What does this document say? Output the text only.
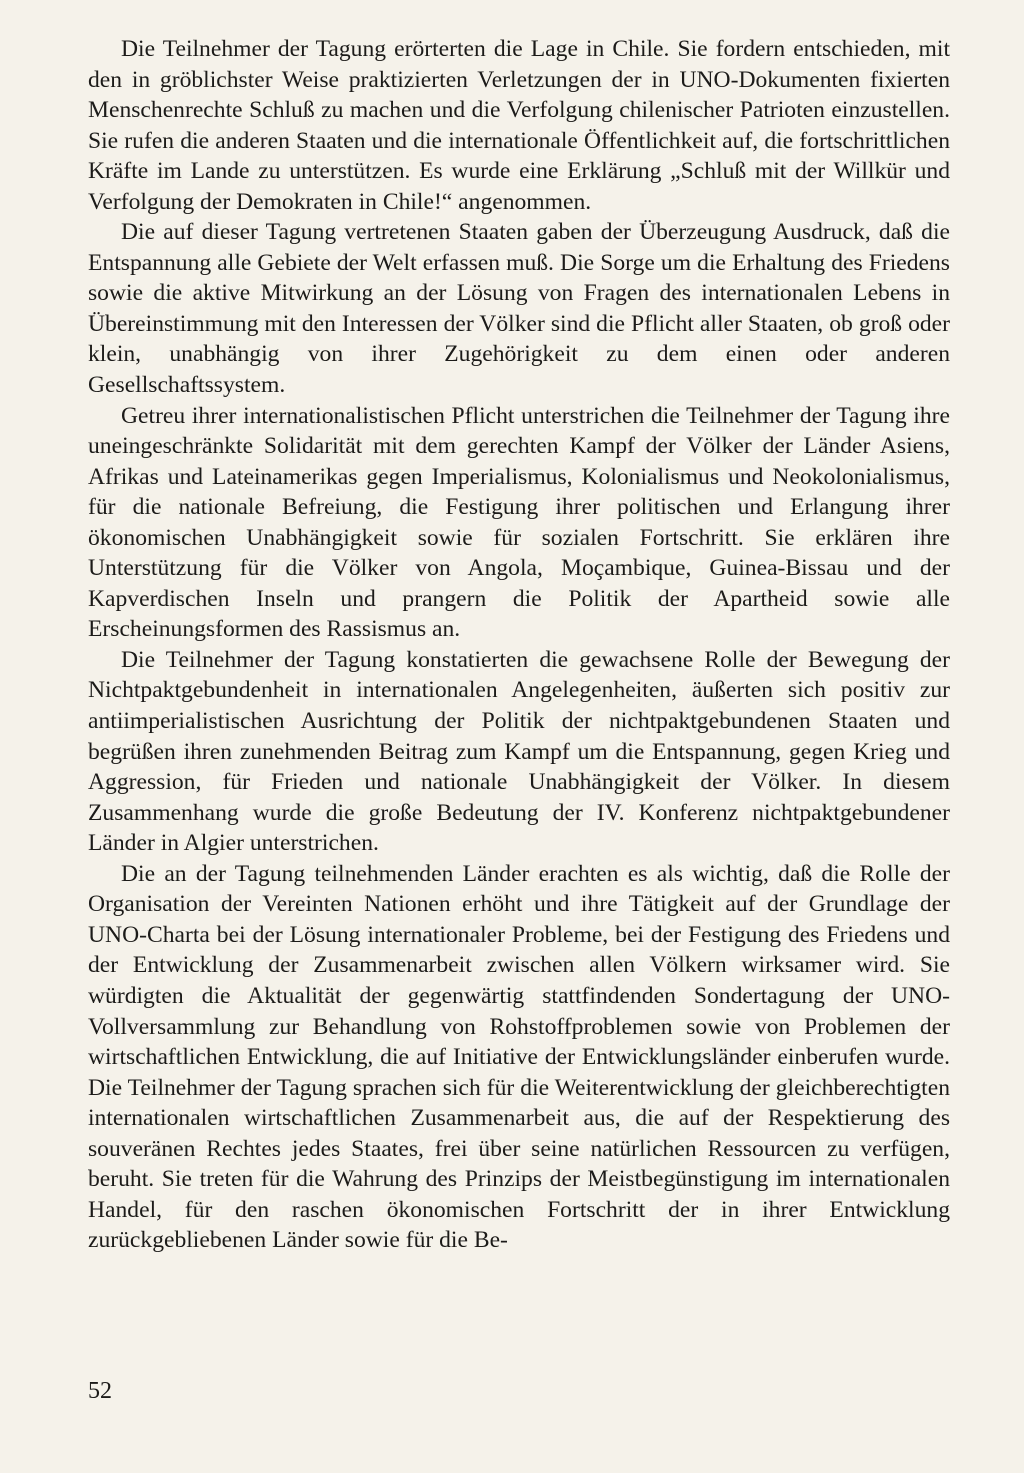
Die Teilnehmer der Tagung erörterten die Lage in Chile. Sie fordern entschieden, mit den in gröblichster Weise praktizierten Verletzungen der in UNO-Dokumenten fixierten Menschenrechte Schluß zu machen und die Verfolgung chilenischer Patrioten einzustellen. Sie rufen die anderen Staaten und die internationale Öffentlichkeit auf, die fortschrittlichen Kräfte im Lande zu unterstützen. Es wurde eine Erklärung „Schluß mit der Willkür und Verfolgung der Demokraten in Chile!“ angenommen.

Die auf dieser Tagung vertretenen Staaten gaben der Überzeugung Ausdruck, daß die Entspannung alle Gebiete der Welt erfassen muß. Die Sorge um die Erhaltung des Friedens sowie die aktive Mitwirkung an der Lösung von Fragen des internationalen Lebens in Übereinstimmung mit den Interessen der Völker sind die Pflicht aller Staaten, ob groß oder klein, unabhängig von ihrer Zugehörigkeit zu dem einen oder anderen Gesellschaftssystem.

Getreu ihrer internationalistischen Pflicht unterstrichen die Teilnehmer der Tagung ihre uneingeschränkte Solidarität mit dem gerechten Kampf der Völker der Länder Asiens, Afrikas und Lateinamerikas gegen Imperialismus, Kolonialismus und Neokolonialismus, für die nationale Befreiung, die Festigung ihrer politischen und Erlangung ihrer ökonomischen Unabhängigkeit sowie für sozialen Fortschritt. Sie erklären ihre Unterstützung für die Völker von Angola, Moçambique, Guinea-Bissau und der Kapverdischen Inseln und prangern die Politik der Apartheid sowie alle Erscheinungsformen des Rassismus an.

Die Teilnehmer der Tagung konstatierten die gewachsene Rolle der Bewegung der Nichtpaktgebundenheit in internationalen Angelegenheiten, äußerten sich positiv zur antiimperialistischen Ausrichtung der Politik der nichtpaktgebundenen Staaten und begrüßen ihren zunehmenden Beitrag zum Kampf um die Entspannung, gegen Krieg und Aggression, für Frieden und nationale Unabhängigkeit der Völker. In diesem Zusammenhang wurde die große Bedeutung der IV. Konferenz nichtpaktgebundener Länder in Algier unterstrichen.

Die an der Tagung teilnehmenden Länder erachten es als wichtig, daß die Rolle der Organisation der Vereinten Nationen erhöht und ihre Tätigkeit auf der Grundlage der UNO-Charta bei der Lösung internationaler Probleme, bei der Festigung des Friedens und der Entwicklung der Zusammenarbeit zwischen allen Völkern wirksamer wird. Sie würdigten die Aktualität der gegenwärtig stattfindenden Sondertagung der UNO-Vollversammlung zur Behandlung von Rohstoffproblemen sowie von Problemen der wirtschaftlichen Entwicklung, die auf Initiative der Entwicklungsländer einberufen wurde. Die Teilnehmer der Tagung sprachen sich für die Weiterentwicklung der gleichberechtigten internationalen wirtschaftlichen Zusammenarbeit aus, die auf der Respektierung des souveränen Rechtes jedes Staates, frei über seine natürlichen Ressourcen zu verfügen, beruht. Sie treten für die Wahrung des Prinzips der Meistbegünstigung im internationalen Handel, für den raschen ökonomischen Fortschritt der in ihrer Entwicklung zurückgebliebenen Länder sowie für die Be-

52
